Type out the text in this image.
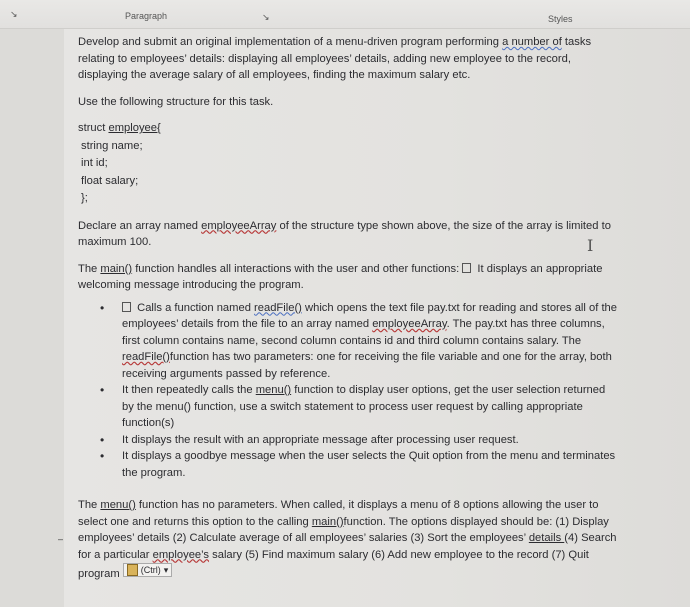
↘	Paragraph	↘	Styles
–
I

Develop and submit an original implementation of a menu-driven program performing a number of tasks relating to employees’ details: displaying all employees’ details, adding new employee to the record, displaying the average salary of all employees, finding the maximum salary etc.

Use the following structure for this task.

struct employee{
string name;
int id;
float salary;
};

Declare an array named employeeArray of the structure type shown above, the size of the array is limited to maximum 100.

The main() function handles all interactions with the user and other functions:  It displays an appropriate welcoming message introducing the program.

•	Calls a function named readFile() which opens the text file pay.txt for reading and stores all of the employees’ details from the file to an array named employeeArray. The pay.txt has three columns, first column contains name, second column contains id and third column contains salary. The readFile()function has two parameters: one for receiving the file variable and one for the array, both receiving arguments passed by reference.
• It then repeatedly calls the menu() function to display user options, get the user selection returned by the menu() function, use a switch statement to process user request by calling appropriate function(s)
• It displays the result with an appropriate message after processing user request.
• It displays a goodbye message when the user selects the Quit option from the menu and terminates the program.

The menu() function has no parameters. When called, it displays a menu of 8 options allowing the user to select one and returns this option to the calling main()function. The options displayed should be: (1) Display employees’ details (2) Calculate average of all employees’ salaries (3) Sort the employees’ details (4) Search for a particular employee’s salary (5) Find maximum salary (6) Add new employee to the record (7) Quit program (Ctrl) ▾
